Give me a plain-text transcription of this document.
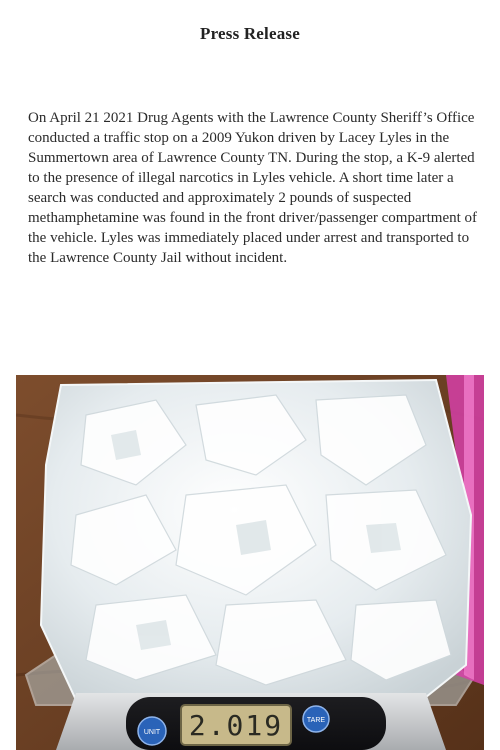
Press Release

On April 21 2021 Drug Agents with the Lawrence County Sheriff’s Office conducted a traffic stop on a 2009 Yukon driven by Lacey Lyles in the Summertown area of Lawrence County TN. During the stop, a K-9 alerted to the presence of illegal narcotics in Lyles vehicle. A short time later a search was conducted and approximately 2 pounds of suspected methamphetamine was found in the front driver/passenger compartment of the vehicle. Lyles was immediately placed under arrest and transported to the Lawrence County Jail without incident.

UNIT
TARE
2.019
